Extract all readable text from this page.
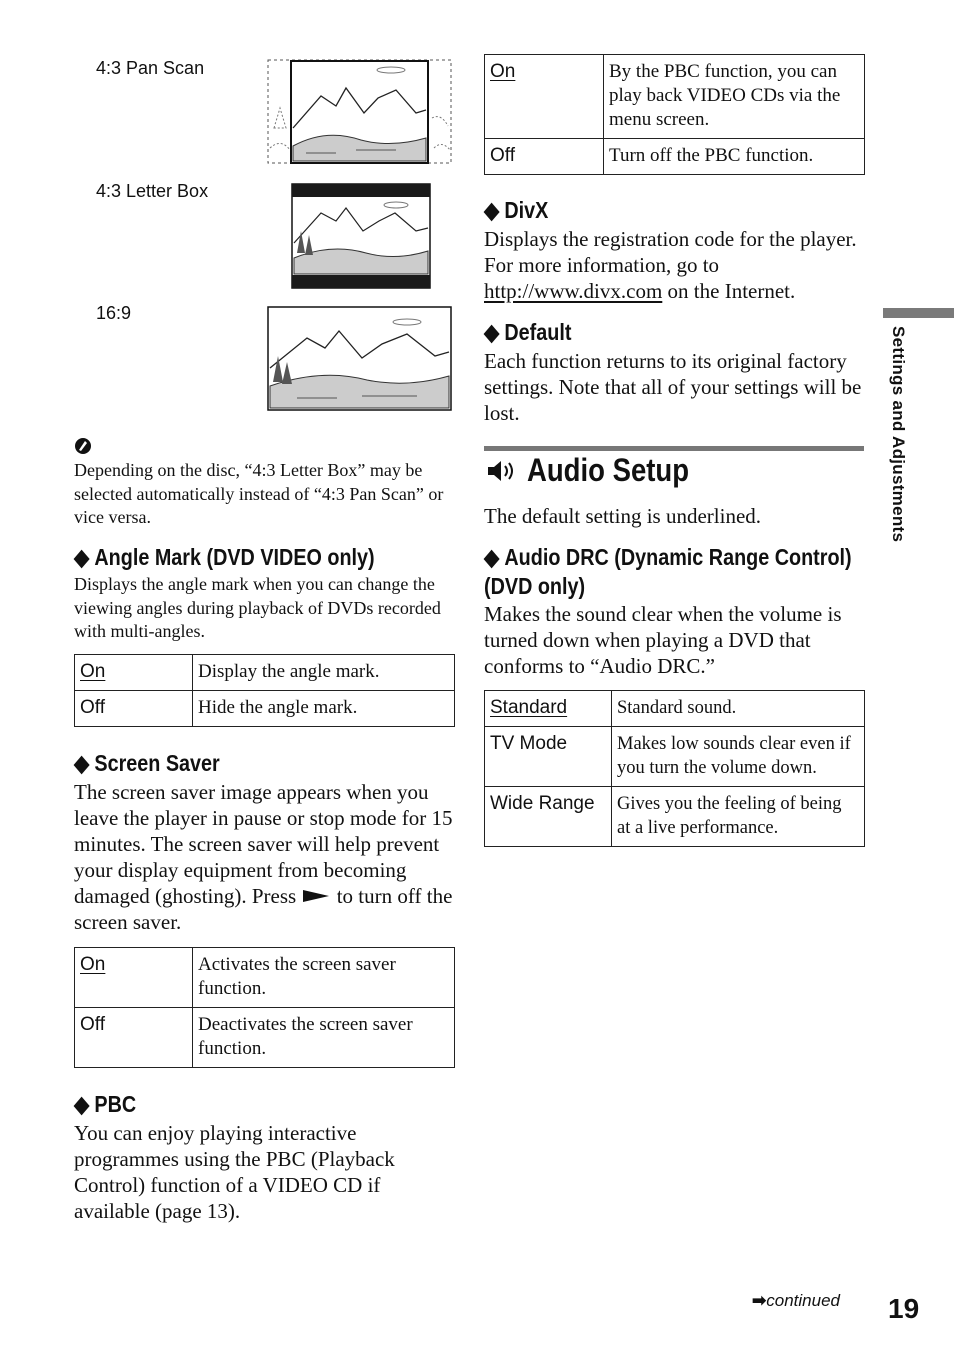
4:3 Pan Scan
4:3 Letter Box
16:9
Depending on the disc, “4:3 Letter Box” may be selected automatically instead of “4:3 Pan Scan” or vice versa.
◆ Angle Mark (DVD VIDEO only)
Displays the angle mark when you can change the viewing angles during playback of DVDs recorded with multi-angles.
On	Display the angle mark.
Off	Hide the angle mark.
◆ Screen Saver
The screen saver image appears when you leave the player in pause or stop mode for 15 minutes. The screen saver will help prevent your display equipment from becoming damaged (ghosting). Press to turn off the screen saver.
On	Activates the screen saver function.
Off	Deactivates the screen saver function.
◆ PBC
You can enjoy playing interactive programmes using the PBC (Playback Control) function of a VIDEO CD if available (page 13).
On	By the PBC function, you can play back VIDEO CDs via the menu screen.
Off	Turn off the PBC function.
◆ DivX
Displays the registration code for the player. For more information, go to http://www.divx.com on the Internet.
◆ Default
Each function returns to its original factory settings. Note that all of your settings will be lost.
Audio Setup
The default setting is underlined.
◆ Audio DRC (Dynamic Range Control)
(DVD only)
Makes the sound clear when the volume is turned down when playing a DVD that conforms to “Audio DRC.”
Standard	Standard sound.
TV Mode	Makes low sounds clear even if you turn the volume down.
Wide Range	Gives you the feeling of being at a live performance.
Settings and Adjustments
➡continued 19
